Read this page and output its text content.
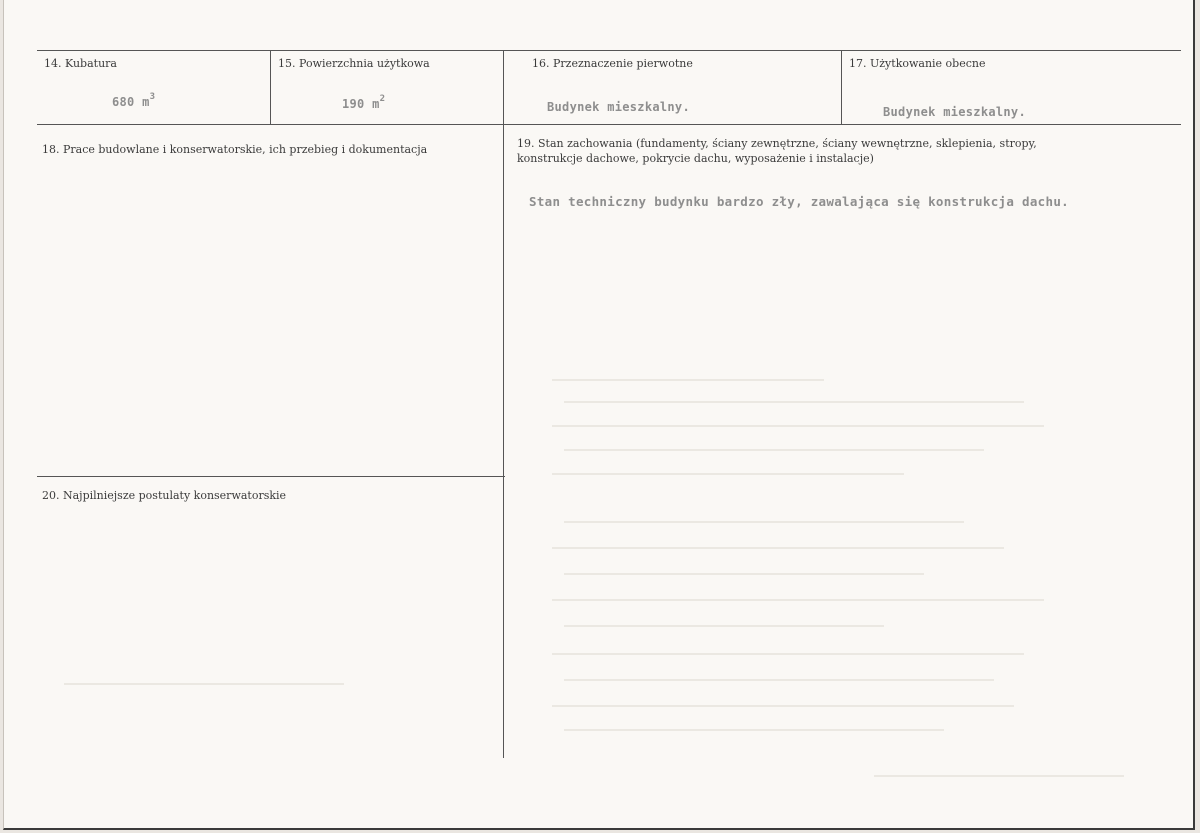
14. Kubatura
680 $m^3$
15. Powierzchnia użytkowa
190 $m^2$
16. Przeznaczenie pierwotne
Budynek mieszkalny.
17. Użytkowanie obecne
Budynek mieszkalny.
18. Prace budowlane i konserwatorskie, ich przebieg i dokumentacja	19. Stan zachowania (fundamenty, ściany zewnętrzne, ściany wewnętrzne, sklepienia, stropy, konstrukcje dachowe, pokrycie dachu, wyposażenie i instalacje)
Stan techniczny budynku bardzo zły, zawalająca się konstrukcja dachu.
20. Najpilniejsze postulaty konserwatorskie
